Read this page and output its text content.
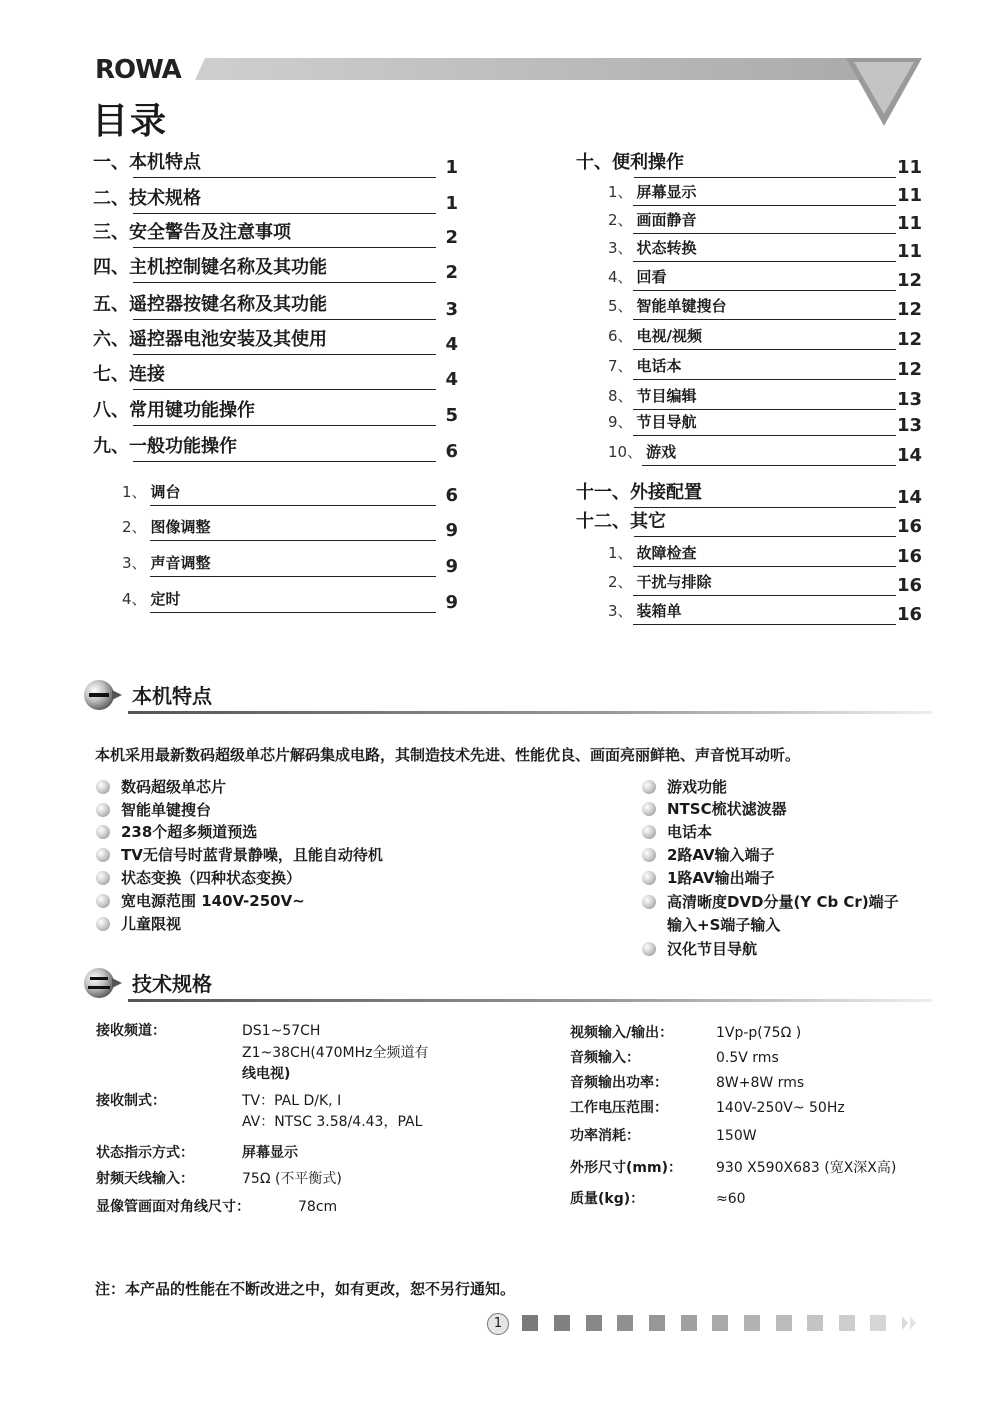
ROWA
目录
一、本机特点	1
二、技术规格	1
三、安全警告及注意事项	2
四、主机控制键名称及其功能	2
五、遥控器按键名称及其功能	3
六、遥控器电池安装及其使用	4
七、连接	4
八、常用键功能操作	5
九、一般功能操作	6
1、 调台	6
2、 图像调整	9
3、 声音调整	9
4、 定时	9
十、便利操作	11
1、 屏幕显示	11
2、 画面静音	11
3、 状态转换	11
4、 回看	12
5、 智能单键搜台	12
6、 电视/视频	12
7、 电话本	12
8、 节目编辑	13
9、 节目导航	13
10、 游戏	14
十一、外接配置	14
十二、其它	16
1、 故障检查	16
2、 干扰与排除	16
3、 装箱单	16
本机特点
本机采用最新数码超级单芯片解码集成电路，其制造技术先进、性能优良、画面亮丽鲜艳、声音悦耳动听。
数码超级单芯片
智能单键搜台
238个超多频道预选
TV无信号时蓝背景静噪，且能自动待机
状态变换（四种状态变换）
宽电源范围 140V-250V~
儿童限视
游戏功能
NTSC梳状滤波器
电话本
2路AV输入端子
1路AV输出端子
高清晰度DVD分量(Y Cb Cr)端子
输入+S端子输入
汉化节目导航
技术规格
接收频道：	DS1~57CH
Z1~38CH(470MHz全频道有
线电视)
接收制式：	TV：PAL D/K, I
AV：NTSC 3.58/4.43，PAL
状态指示方式：	屏幕显示
射频天线输入：	75Ω (不平衡式)
显像管画面对角线尺寸：	78cm
视频输入/输出：	1Vp-p(75Ω )
音频输入：	0.5V rms
音频输出功率：	8W+8W rms
工作电压范围：	140V-250V~ 50Hz
功率消耗：	150W
外形尺寸(mm)： 930 X590X683 (宽X深X高)
质量(kg)：	≈60
注：本产品的性能在不断改进之中，如有更改，恕不另行通知。
1
